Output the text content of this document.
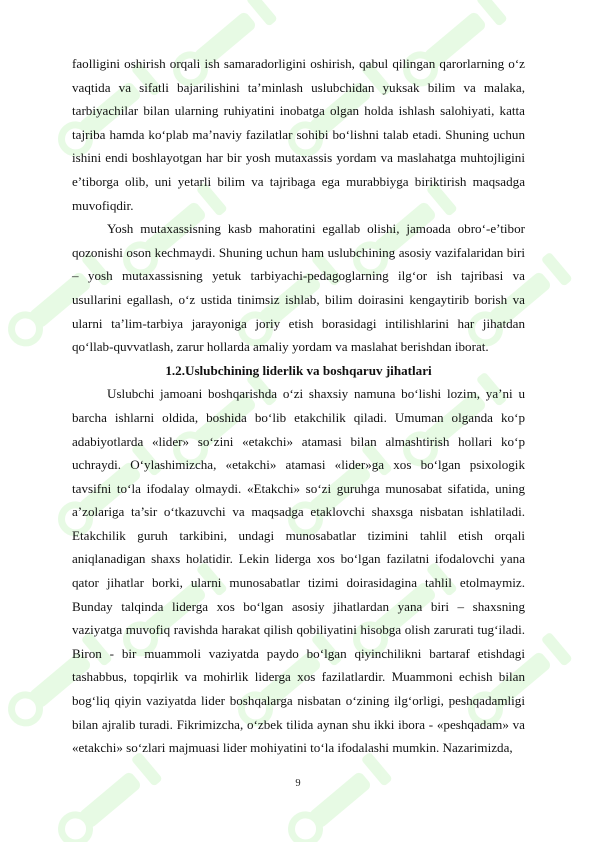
faolligini oshirish orqali ish samaradorligini oshirish, qabul qilingan qarorlarning o‘z vaqtida va sifatli bajarilishini ta’minlash uslubchidan yuksak bilim va malaka, tarbiyachilar bilan ularning ruhiyatini inobatga olgan holda ishlash salohiyati, katta tajriba hamda ko‘plab ma’naviy fazilatlar sohibi bo‘lishni talab etadi. Shuning uchun ishini endi boshlayotgan har bir yosh mutaxassis yordam va maslahatga muhtojligini e’tiborga olib, uni yetarli bilim va tajribaga ega murabbiyga biriktirish maqsadga muvofiqdir.

Yosh mutaxassisning kasb mahoratini egallab olishi, jamoada obro‘-e’tibor qozonishi oson kechmaydi. Shuning uchun ham uslubchining asosiy vazifalaridan biri – yosh mutaxassisning yetuk tarbiyachi-pedagoglarning ilg‘or ish tajribasi va usullarini egallash, o‘z ustida tinimsiz ishlab, bilim doirasini kengaytirib borish va ularni ta’lim-tarbiya jarayoniga joriy etish borasidagi intilishlarini har jihatdan qo‘llab-quvvatlash, zarur hollarda amaliy yordam va maslahat berishdan iborat.

1.2.Uslubchining liderlik va boshqaruv jihatlari

Uslubchi jamoani boshqarishda o‘zi shaxsiy namuna bo‘lishi lozim, ya’ni u barcha ishlarni oldida, boshida bo‘lib etakchilik qiladi. Umuman olganda ko‘p adabiyotlarda «lider» so‘zini «etakchi» atamasi bilan almashtirish hollari ko‘p uchraydi. O‘ylashimizcha, «etakchi» atamasi «lider»ga xos bo‘lgan psixologik tavsifni to‘la ifodalay olmaydi. «Etakchi» so‘zi guruhga munosabat sifatida, uning a’zolariga ta’sir o‘tkazuvchi va maqsadga etaklovchi shaxsga nisbatan ishlatiladi. Etakchilik guruh tarkibini, undagi munosabatlar tizimini tahlil etish orqali aniqlanadigan shaxs holatidir. Lekin liderga xos bo‘lgan fazilatni ifodalovchi yana qator jihatlar borki, ularni munosabatlar tizimi doirasidagina tahlil etolmaymiz. Bunday talqinda liderga xos bo‘lgan asosiy jihatlardan yana biri – shaxsning vaziyatga muvofiq ravishda harakat qilish qobiliyatini hisobga olish zarurati tug‘iladi. Biron - bir muammoli vaziyatda paydo bo‘lgan qiyinchilikni bartaraf etishdagi tashabbus, topqirlik va mohirlik liderga xos fazilatlardir. Muammoni echish bilan bog‘liq qiyin vaziyatda lider boshqalarga nisbatan o‘zining ilg‘orligi, peshqadamligi bilan ajralib turadi. Fikrimizcha, o‘zbek tilida aynan shu ikki ibora - «peshqadam» va «etakchi» so‘zlari majmuasi lider mohiyatini to‘la ifodalashi mumkin. Nazarimizda,

9
